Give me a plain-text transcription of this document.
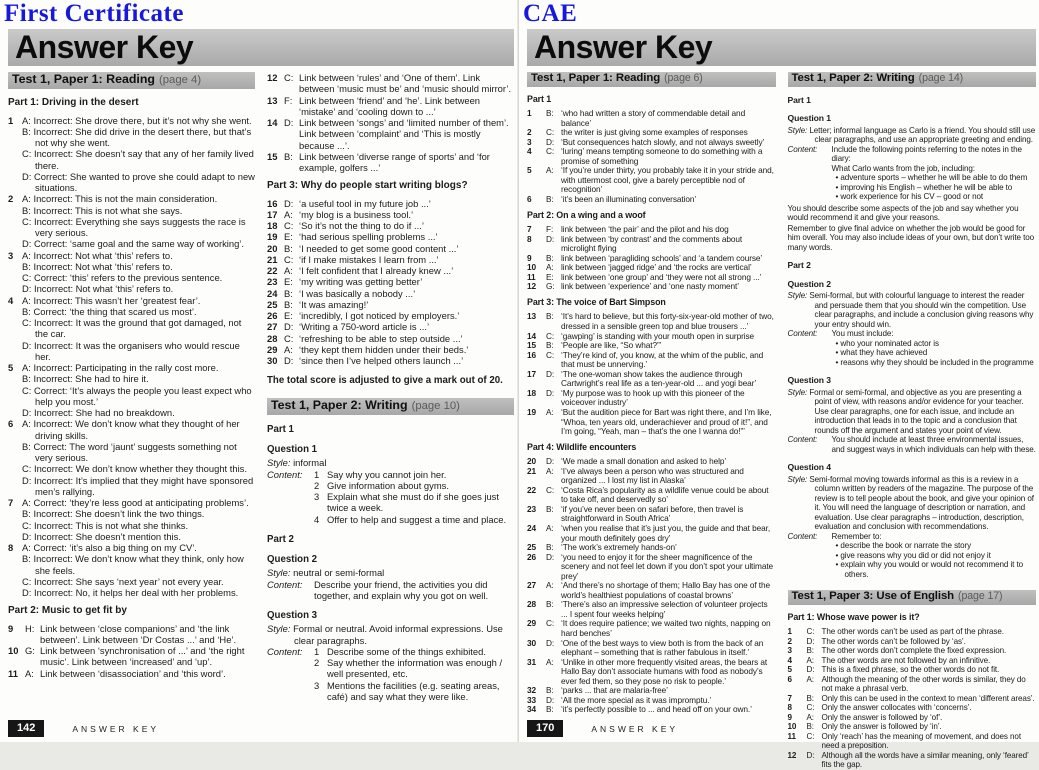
First Certificate
Answer Key
Test 1, Paper 1: Reading (page 4)
Part 1: Driving in the desert
1 A: Incorrect: She drove there, but it’s not why she went.
B: Incorrect: She did drive in the desert there, but that’s not why she went.
C: Incorrect: She doesn’t say that any of her family lived there.
D: Correct: She wanted to prove she could adapt to new situations.
2 A: Incorrect: This is not the main consideration.
B: Incorrect: This is not what she says.
C: Incorrect: Everything she says suggests the race is very serious.
D: Correct: ‘same goal and the same way of working’.
3 A: Incorrect: Not what ‘this’ refers to.
B: Incorrect: Not what ‘this’ refers to.
C: Correct: ‘this’ refers to the previous sentence.
D: Incorrect: Not what ‘this’ refers to.
4 A: Incorrect: This wasn’t her ‘greatest fear’.
B: Correct: ‘the thing that scared us most’.
C: Incorrect: It was the ground that got damaged, not the car.
D: Incorrect: It was the organisers who would rescue her.
5 A: Incorrect: Participating in the rally cost more.
B: Incorrect: She had to hire it.
C: Correct: ‘It’s always the people you least expect who help you most.’
D: Incorrect: She had no breakdown.
6 A: Incorrect: We don’t know what they thought of her driving skills.
B: Correct: The word ‘jaunt’ suggests something not very serious.
C: Incorrect: We don’t know whether they thought this.
D: Incorrect: It’s implied that they might have sponsored men’s rallying.
7 A: Correct: ‘they’re less good at anticipating problems’.
B: Incorrect: She doesn’t link the two things.
C: Incorrect: This is not what she thinks.
D: Incorrect: She doesn’t mention this.
8 A: Correct: ‘it’s also a big thing on my CV’.
B: Incorrect: We don’t know what they think, only how she feels.
C: Incorrect: She says ‘next year’ not every year.
D: Incorrect: No, it helps her deal with her problems.
Part 2: Music to get fit by
9	H: Link between ‘close companions’ and ‘the link between’. Link between ‘Dr Costas ...’ and ‘He’.
10 G: Link between ‘synchronisation of ...’ and ‘the right music’. Link between ‘increased’ and ‘up’.
11 A: Link between ‘disassociation’ and ‘this word’.
12 C: Link between ‘rules’ and ‘One of them’. Link between ‘music must be’ and ‘music should mirror’.
13 F: Link between ‘friend’ and ‘he’. Link between ‘mistake’ and ‘cooling down to ...’
14 D: Link between ‘songs’ and ‘limited number of them’. Link between ‘complaint’ and ‘This is mostly because ...’.
15 B: Link between ‘diverse range of sports’ and ‘for example, golfers ...’
Part 3: Why do people start writing blogs?
16 D: ‘a useful tool in my future job ...’
17 A: ‘my blog is a business tool.’
18 C: ‘So it’s not the thing to do if ...’
19 E: ‘had serious spelling problems ...’
20 B: ‘I needed to get some good content ...’
21 C: ‘if I make mistakes I learn from ...’
22 A: ‘I felt confident that I already knew ...’
23 E: ‘my writing was getting better’
24 B: ‘I was basically a nobody ...’
25 B: ‘It was amazing!’
26 E: ‘incredibly, I got noticed by employers.’
27 D: ‘Writing a 750-word article is ...’
28 C: ‘refreshing to be able to step outside ...’
29 A: ‘they kept them hidden under their beds.’
30 D: ‘since then I’ve helped others launch ...’
The total score is adjusted to give a mark out of 20.
Test 1, Paper 2: Writing (page 10)
Part 1
Question 1
Style: informal
Content:	1 Say why you cannot join her.
2 Give information about gyms.
3 Explain what she must do if she goes just twice a week.
4 Offer to help and suggest a time and place.
Part 2
Question 2
Style: neutral or semi-formal
Content:	Describe your friend, the activities you did together, and explain why you got on well.
Question 3
Style: Formal or neutral. Avoid informal expressions. Use clear paragraphs.
Content:	1 Describe some of the things exhibited.
2 Say whether the information was enough / well presented, etc.
3 Mentions the facilities (e.g. seating areas, café) and say what they were like.
142	ANSWER KEY
CAE
Answer Key
Test 1, Paper 1: Reading (page 6)
Part 1
1	B: ‘who had written a story of commendable detail and balance’
2	C: the writer is just giving some examples of responses
3	D: ‘But consequences hatch slowly, and not always sweetly’
4	C: ‘luring’ means tempting someone to do something with a promise of something
5	A: ‘If you’re under thirty, you probably take it in your stride and, with uttermost cool, give a barely perceptible nod of recognition’
6	B: ‘it’s been an illuminating conversation’
Part 2: On a wing and a woof
7	F: link between ‘the pair’ and the pilot and his dog
8	D: link between ‘by contrast’ and the comments about microlight flying
9	B: link between ‘paragliding schools’ and ‘a tandem course’
10	A: link between ‘jagged ridge’ and ‘the rocks are vertical’
11	E: link between ‘one group’ and ‘they were not all strong ...’
12	G: link between ‘experience’ and ‘one nasty moment’
Part 3: The voice of Bart Simpson
13	B: ‘It’s hard to believe, but this forty-six-year-old mother of two, dressed in a sensible green top and blue trousers ...’
14	C: ‘gawping’ is standing with your mouth open in surprise
15	B: ‘People are like, “So what?”’
16	C: ‘They’re kind of, you know, at the whim of the public, and that must be unnerving.’
17	D: ‘The one-woman show takes the audience through Cartwright’s real life as a ten-year-old ... and yogi bear’
18	D: ‘My purpose was to hook up with this pioneer of the voiceover industry’
19	A: ‘But the audition piece for Bart was right there, and I’m like, “Whoa, ten years old, underachiever and proud of it!”, and I’m going, “Yeah, man – that’s the one I wanna do!”’
Part 4: Wildlife encounters
20	D: ‘We made a small donation and asked to help’
21	A: ‘I’ve always been a person who was structured and organized ... I lost my list in Alaska’
22	C: ‘Costa Rica’s popularity as a wildlife venue could be about to take off, and deservedly so’
23	B: ‘if you’ve never been on safari before, then travel is straightforward in South Africa’
24	A: ‘when you realise that it’s just you, the guide and that bear, your mouth definitely goes dry’
25	B: ‘The work’s extremely hands-on’
26	D: ‘you need to enjoy it for the sheer magnificence of the scenery and not feel let down if you don’t spot your ultimate prey’
27	A: ‘And there’s no shortage of them; Hallo Bay has one of the world’s healthiest populations of coastal browns’
28	B: ‘There’s also an impressive selection of volunteer projects ... I spent four weeks helping’
29	C: ‘It does require patience; we waited two nights, napping on hard benches’
30	D: ‘One of the best ways to view both is from the back of an elephant – something that is rather fabulous in itself.’
31	A: ‘Unlike in other more frequently visited areas, the bears at Hallo Bay don’t associate humans with food as nobody’s ever fed them, so they pose no risk to people.’
32	B: ‘parks ... that are malaria-free’
33	D: ‘All the more special as it was impromptu.’
34	B: ‘it’s perfectly possible to ... and head off on your own.’
Test 1, Paper 2: Writing (page 14)
Part 1
Question 1
Style: Letter; informal language as Carlo is a friend. You should still use clear paragraphs, and use an appropriate greeting and ending.
Content:	Include the following points referring to the notes in the diary:
What Carlo wants from the job, including:
• adventure sports – whether he will be able to do them
• improving his English – whether he will be able to
• work experience for his CV – good or not
You should describe some aspects of the job and say whether you would recommend it and give your reasons.
Remember to give final advice on whether the job would be good for him overall. You may also include ideas of your own, but don’t write too many words.
Part 2
Question 2
Style: Semi-formal, but with colourful language to interest the reader and persuade them that you should win the competition. Use clear paragraphs, and include a conclusion giving reasons why your entry should win.
Content:	You must include:
• who your nominated actor is
• what they have achieved
• reasons why they should be included in the programme
Question 3
Style: Formal or semi-formal, and objective as you are presenting a point of view, with reasons and/or evidence for your teacher. Use clear paragraphs, one for each issue, and include an introduction that leads in to the topic and a conclusion that rounds off the argument and states your point of view.
Content:	You should include at least three environmental issues, and suggest ways in which individuals can help with these.
Question 4
Style: Semi-formal moving towards informal as this is a review in a column written by readers of the magazine. The purpose of the review is to tell people about the book, and give your opinion of it. You will need the language of description or narration, and evaluation. Use clear paragraphs – introduction, description, evaluation and conclusion with recommendations.
Content:	Remember to:
• describe the book or narrate the story
• give reasons why you did or did not enjoy it
• explain why you would or would not recommend it to others.
Test 1, Paper 3: Use of English (page 17)
Part 1: Whose wave power is it?
1	C: The other words can’t be used as part of the phrase.
2	D: The other words can’t be followed by ‘as’.
3	B: The other words don’t complete the fixed expression.
4	A: The other words are not followed by an infinitive.
5	D: This is a fixed phrase, so the other words do not fit.
6	A: Although the meaning of the other words is similar, they do not make a phrasal verb.
7	B: Only this can be used in the context to mean ‘different areas’.
8	C: Only the answer collocates with ‘concerns’.
9	A: Only the answer is followed by ‘of’.
10	B: Only the answer is followed by ‘in’.
11	C: Only ‘reach’ has the meaning of movement, and does not need a preposition.
12	D: Although all the words have a similar meaning, only ‘feared’ fits the gap.
170	ANSWER KEY
